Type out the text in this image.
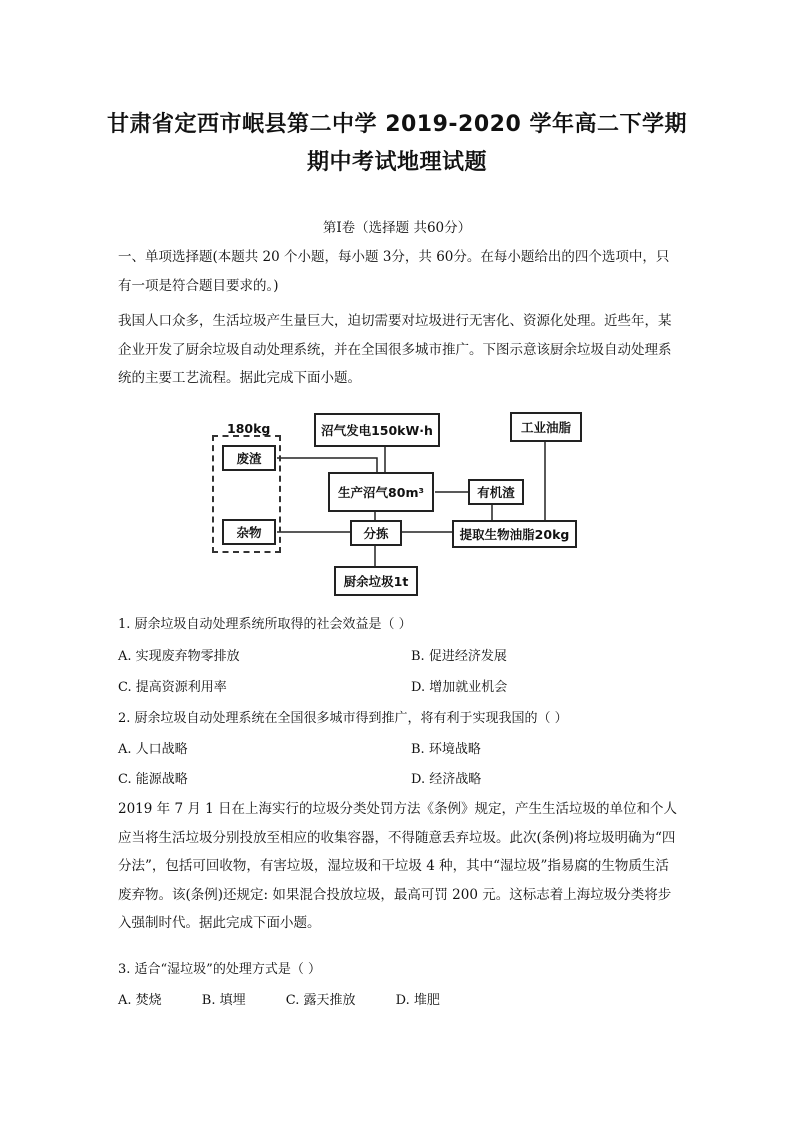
甘肃省定西市岷县第二中学 2019-2020 学年高二下学期
期中考试地理试题
第Ⅰ卷（选择题 共60分）
一、单项选择题(本题共 20 个小题，每小题 3分，共 60分。在每小题给出的四个选项中，只有一项是符合题目要求的。)
我国人口众多，生活垃圾产生量巨大，迫切需要对垃圾进行无害化、资源化处理。近些年，某企业开发了厨余垃圾自动处理系统，并在全国很多城市推广。下图示意该厨余垃圾自动处理系统的主要工艺流程。据此完成下面小题。
180kg
废渣
杂物
沼气发电150kW·h	工业油脂
生产沼气80m³	有机渣
分拣	提取生物油脂20kg
厨余垃圾1t
1. 厨余垃圾自动处理系统所取得的社会效益是（ ）
A. 实现废弃物零排放	B. 促进经济发展
C. 提高资源利用率	D. 增加就业机会
2. 厨余垃圾自动处理系统在全国很多城市得到推广，将有利于实现我国的（ ）
A. 人口战略	B. 环境战略
C. 能源战略	D. 经济战略
2019 年 7 月 1 日在上海实行的垃圾分类处罚方法《条例》规定，产生生活垃圾的单位和个人应当将生活垃圾分别投放至相应的收集容器，不得随意丢弃垃圾。此次(条例)将垃圾明确为“四分法”，包括可回收物，有害垃圾，湿垃圾和干垃圾 4 种，其中“湿垃圾”指易腐的生物质生活废弃物。该(条例)还规定: 如果混合投放垃圾，最高可罚 200 元。这标志着上海垃圾分类将步入强制时代。据此完成下面小题。
3. 适合“湿垃圾”的处理方式是（ ）
A. 焚烧	B. 填埋	C. 露天推放	D. 堆肥
